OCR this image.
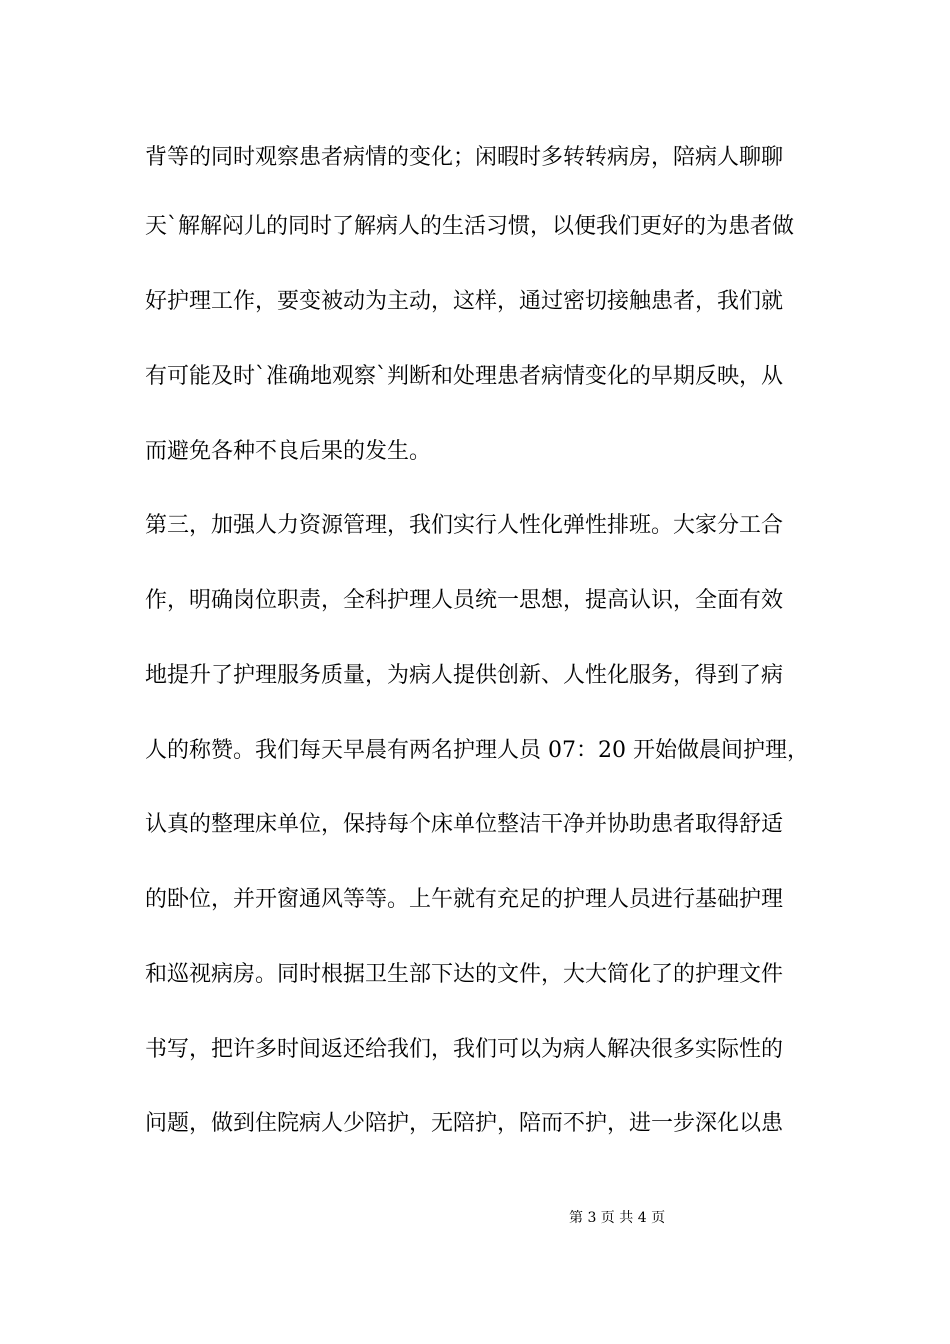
背等的同时观察患者病情的变化；闲暇时多转转病房，陪病人聊聊
天`解解闷儿的同时了解病人的生活习惯，以便我们更好的为患者做
好护理工作，要变被动为主动，这样，通过密切接触患者，我们就
有可能及时`准确地观察`判断和处理患者病情变化的早期反映，从
而避免各种不良后果的发生。
第三，加强人力资源管理，我们实行人性化弹性排班。大家分工合
作，明确岗位职责，全科护理人员统一思想，提高认识，全面有效
地提升了护理服务质量，为病人提供创新、人性化服务，得到了病
人的称赞。我们每天早晨有两名护理人员 07：20 开始做晨间护理，
认真的整理床单位，保持每个床单位整洁干净并协助患者取得舒适
的卧位，并开窗通风等等。上午就有充足的护理人员进行基础护理
和巡视病房。同时根据卫生部下达的文件，大大简化了的护理文件
书写，把许多时间返还给我们，我们可以为病人解决很多实际性的
问题，做到住院病人少陪护，无陪护，陪而不护，进一步深化以患
第 3 页 共 4 页
